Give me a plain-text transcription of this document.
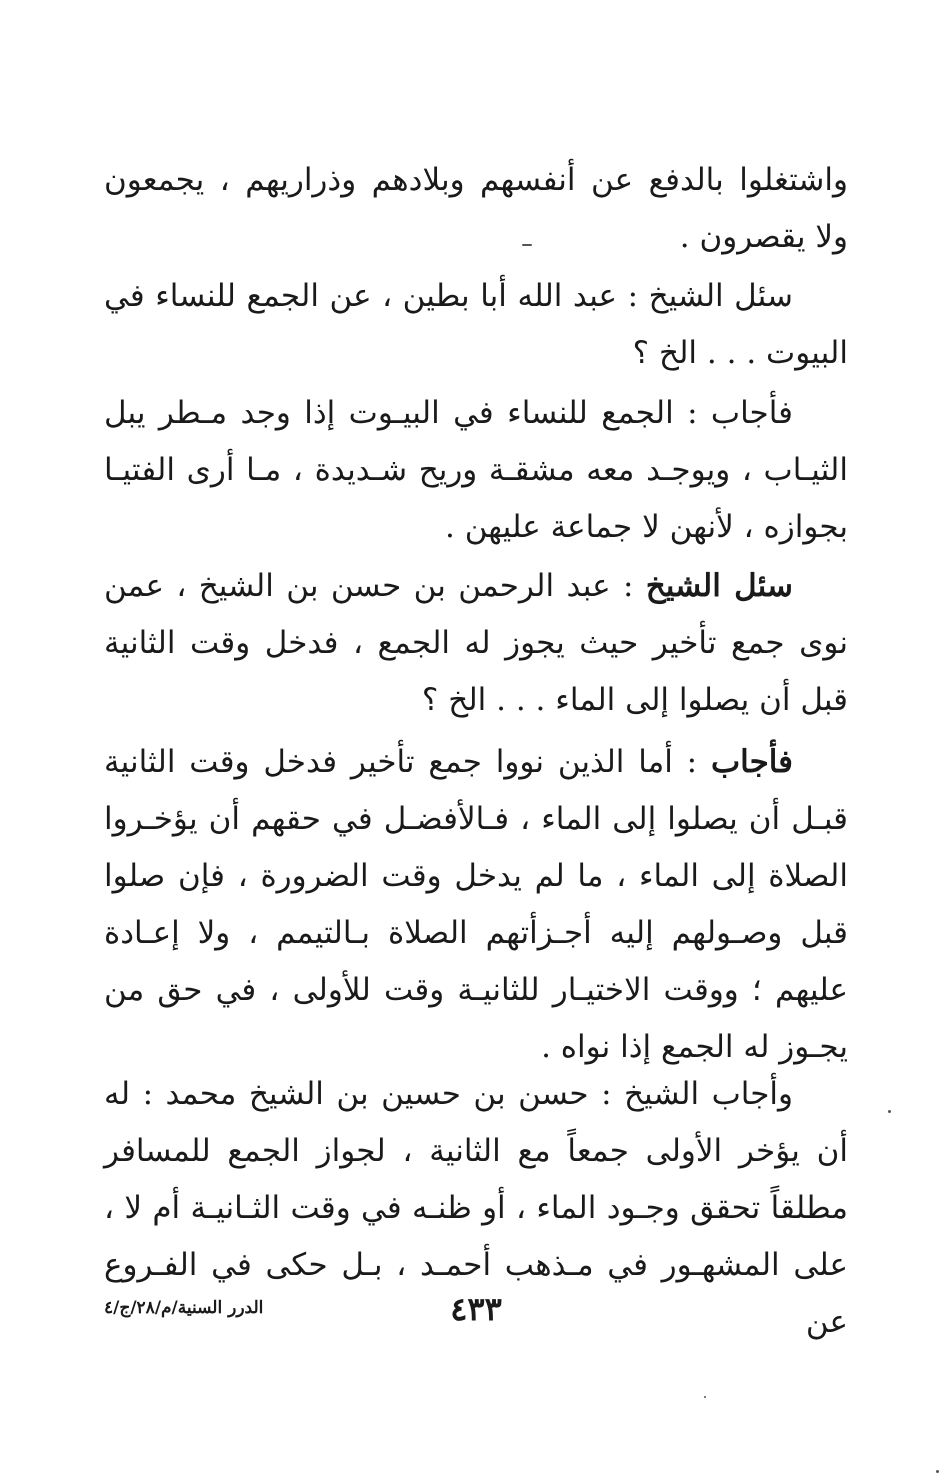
واشتغلوا بالدفع عن أنفسهم وبلادهم وذراريهم ، يجمعون ولا يقصرون .

سئل الشيخ : عبد الله أبا بطين ، عن الجمع للنساء في البيوت . . . الخ ؟

فأجاب : الجمع للنساء في البيـوت إذا وجد مـطر يبل الثيـاب ، ويوجـد معه مشقـة وريح شـديدة ، مـا أرى الفتيـا بجوازه ، لأنهن لا جماعة عليهن .

سئل الشيخ : عبد الرحمن بن حسن بن الشيخ ، عمن نوى جمع تأخير حيث يجوز له الجمع ، فدخل وقت الثانية قبل أن يصلوا إلى الماء . . . الخ ؟

فأجاب : أما الذين نووا جمع تأخير فدخل وقت الثانية قبـل أن يصلوا إلى الماء ، فـالأفضـل في حقهم أن يؤخـروا الصلاة إلى الماء ، ما لم يدخل وقت الضرورة ، فإن صلوا قبل وصـولهم إليه أجـزأتهم الصلاة بـالتيمم ، ولا إعـادة عليهم ؛ ووقت الاختيـار للثانيـة وقت للأولى ، في حق من يجـوز له الجمع إذا نواه .

وأجاب الشيخ : حسن بن حسين بن الشيخ محمد : له أن يؤخر الأولى جمعاً مع الثانية ، لجواز الجمع للمسافر مطلقاً تحقق وجـود الماء ، أو ظنـه في وقت الثـانيـة أم لا ، على المشهـور في مـذهب أحمـد ، بـل حكى في الفـروع عن

٤٣٣
الدرر السنية/م/٢٨/ج/٤
